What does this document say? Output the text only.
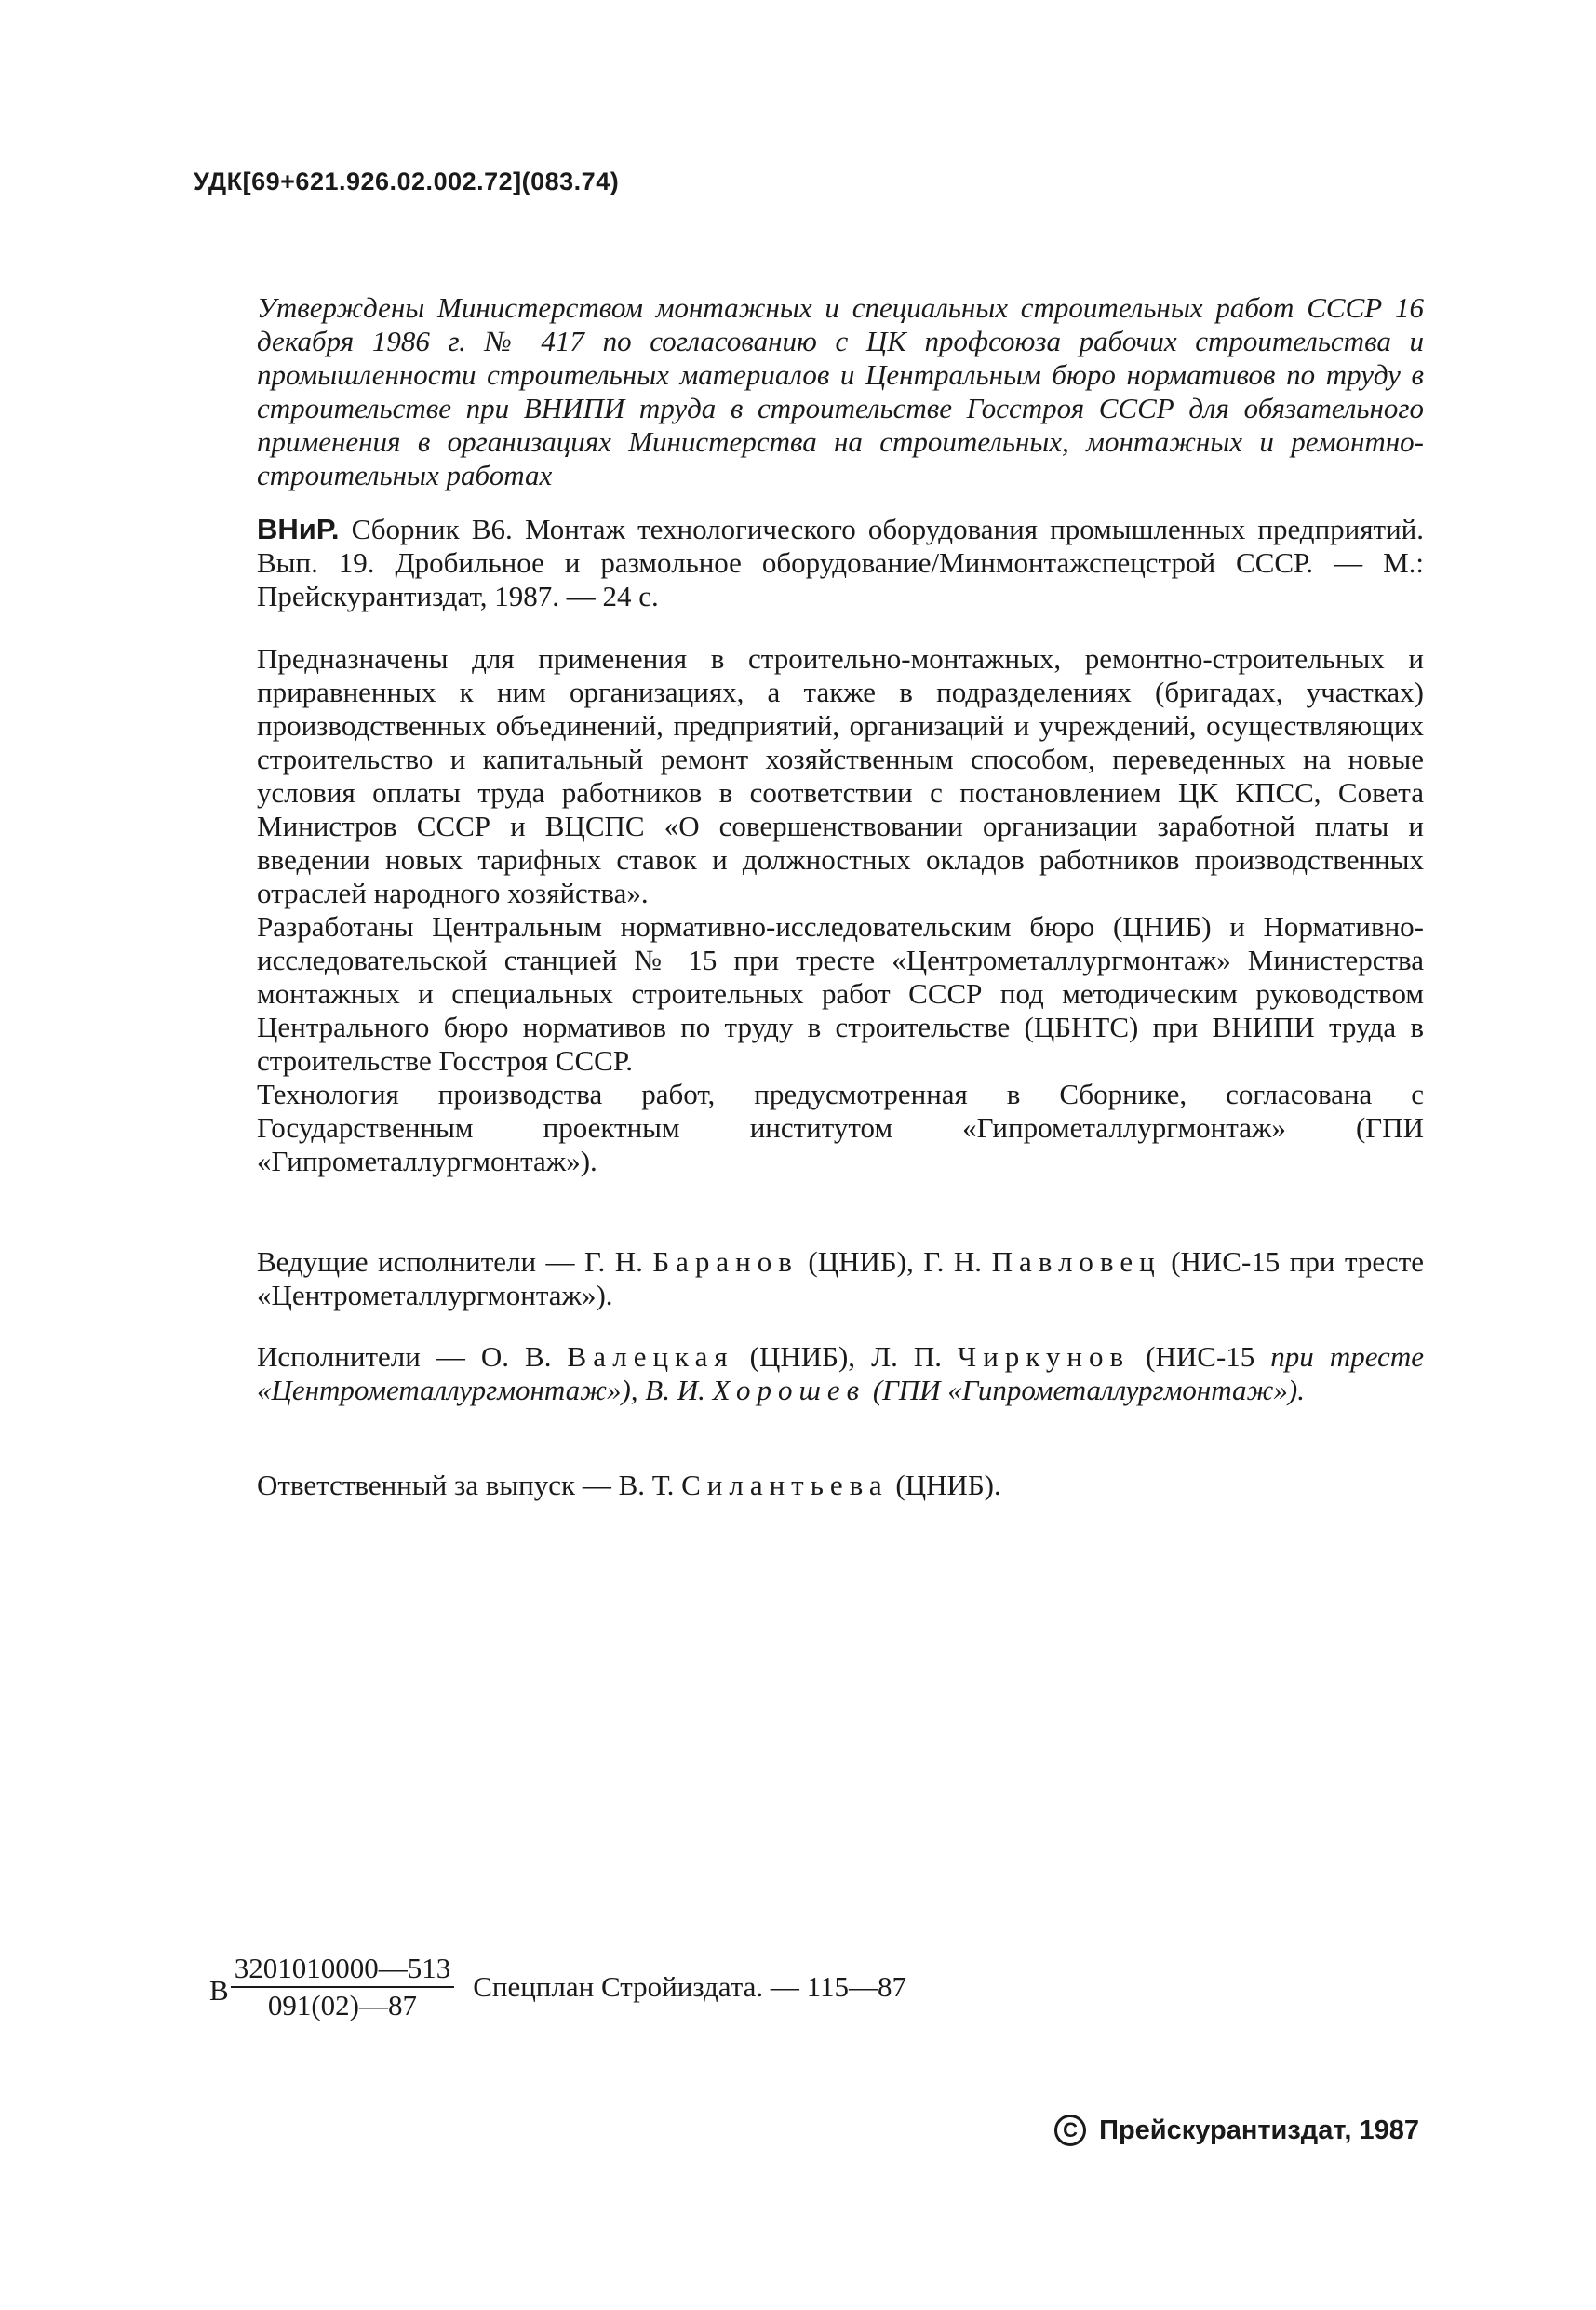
УДК[69+621.926.02.002.72](083.74)
Утверждены Министерством монтажных и специальных строительных работ СССР 16 декабря 1986 г. № 417 по согласованию с ЦК профсоюза рабочих строительства и промышленности строительных материалов и Центральным бюро нормативов по труду в строительстве при ВНИПИ труда в строительстве Госстроя СССР для обязательного применения в организациях Министерства на строительных, монтажных и ремонтно-строительных работах
ВНиР. Сборник В6. Монтаж технологического оборудования промышленных предприятий. Вып. 19. Дробильное и размольное оборудование/Минмонтажспецстрой СССР. — М.: Прейскурантиздат, 1987. — 24 с.

Предназначены для применения в строительно-монтажных, ремонтно-строительных и приравненных к ним организациях, а также в подразделениях (бригадах, участках) производственных объединений, предприятий, организаций и учреждений, осуществляющих строительство и капитальный ремонт хозяйственным способом, переведенных на новые условия оплаты труда работников в соответствии с постановлением ЦК КПСС, Совета Министров СССР и ВЦСПС «О совершенствовании организации заработной платы и введении новых тарифных ставок и должностных окладов работников производственных отраслей народного хозяйства».

Разработаны Центральным нормативно-исследовательским бюро (ЦНИБ) и Нормативно-исследовательской станцией № 15 при тресте «Центрометаллургмонтаж» Министерства монтажных и специальных строительных работ СССР под методическим руководством Центрального бюро нормативов по труду в строительстве (ЦБНТС) при ВНИПИ труда в строительстве Госстроя СССР.

Технология производства работ, предусмотренная в Сборнике, согласована с Государственным проектным институтом «Гипрометаллургмонтаж» (ГПИ «Гипрометаллургмонтаж»).

Ведущие исполнители — Г. Н. Баранов (ЦНИБ), Г. Н. Павловец (НИС-15 при тресте «Центрометаллургмонтаж»).
Исполнители — О. В. Валецкая (ЦНИБ), Л. П. Чиркунов (НИС-15 при тресте «Центрометаллургмонтаж»), В. И. Хорошев (ГПИ «Гипрометаллургмонтаж»).
Ответственный за выпуск — В. Т. Силантьева (ЦНИБ).
В $\frac{3201010000—513}{091(02)—87}$ Спецплан Стройиздата. — 115—87
C Прейскурантиздат, 1987
